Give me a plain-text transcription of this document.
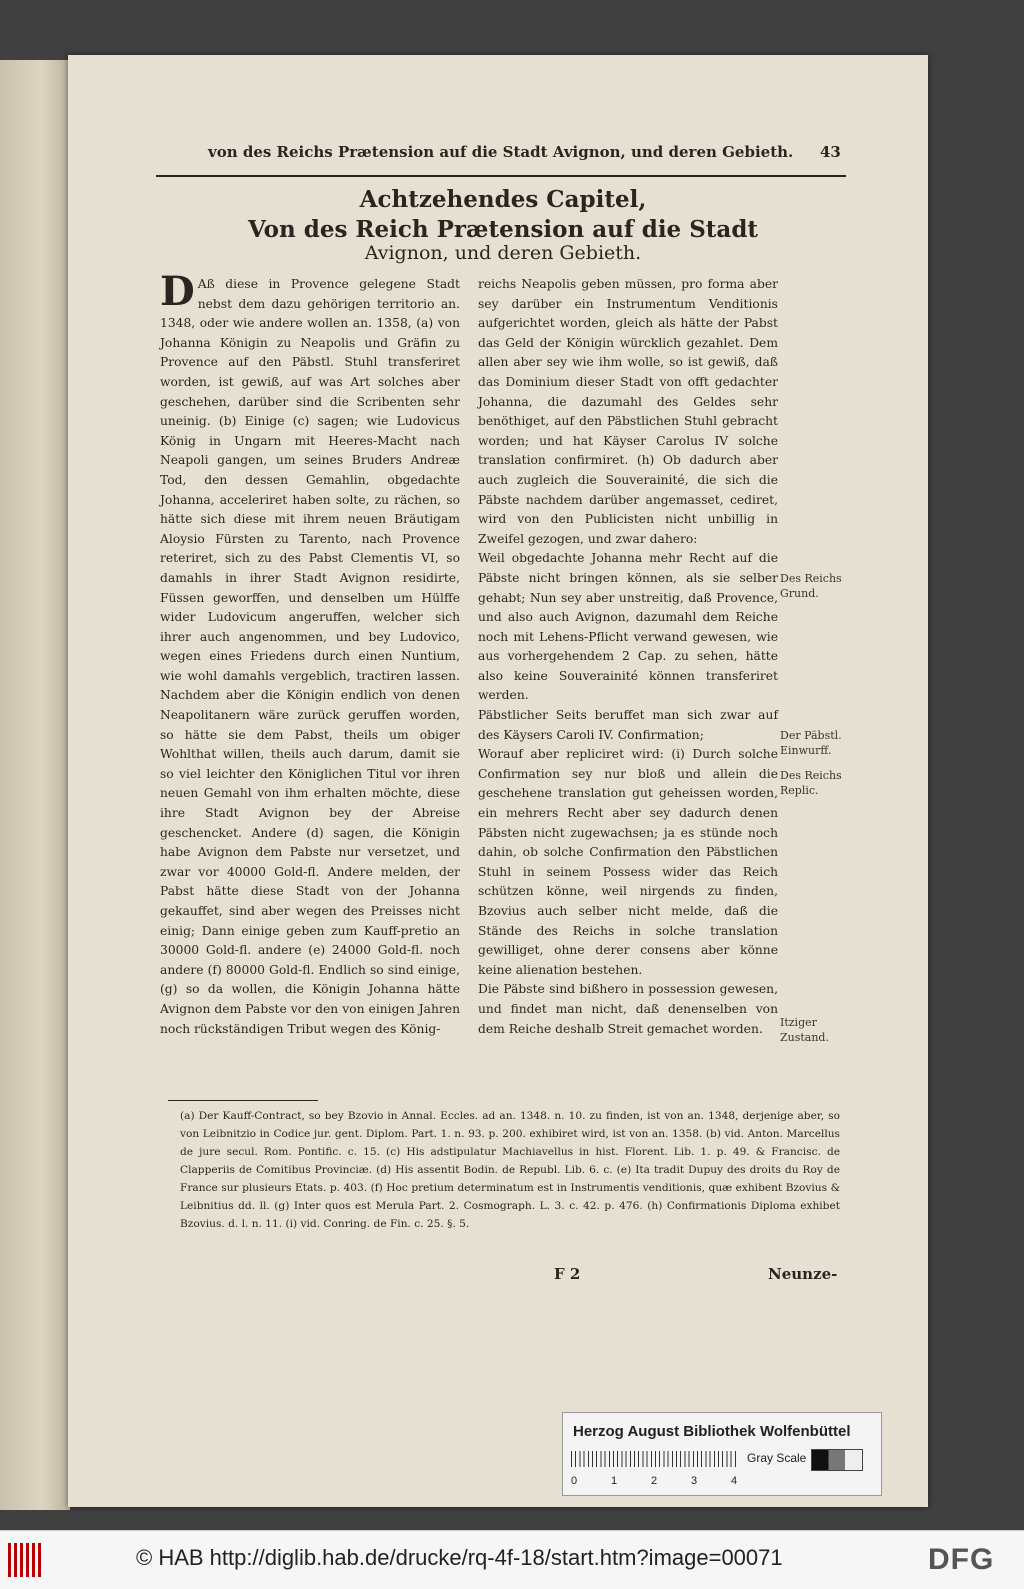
von des Reichs Prætension auf die Stadt Avignon, und deren Gebieth.	43
Achtzehendes Capitel,
Von des Reich Prætension auf die Stadt
Avignon, und deren Gebieth.

DAß diese in Provence gelegene Stadt nebst dem dazu gehörigen territorio an. 1348, oder wie andere wollen an. 1358, (a) von Johanna Königin zu Neapolis und Gräfin zu Provence auf den Päbstl. Stuhl transferiret worden, ist gewiß, auf was Art solches aber geschehen, darüber sind die Scribenten sehr uneinig. (b) Einige (c) sagen; wie Ludovicus König in Ungarn mit Heeres-Macht nach Neapoli gangen, um seines Bruders Andreæ Tod, den dessen Gemahlin, obgedachte Johanna, acceleriret haben solte, zu rächen, so hätte sich diese mit ihrem neuen Bräutigam Aloysio Fürsten zu Tarento, nach Provence reteriret, sich zu des Pabst Clementis VI, so damahls in ihrer Stadt Avignon residirte, Füssen geworffen, und denselben um Hülffe wider Ludovicum angeruffen, welcher sich ihrer auch angenommen, und bey Ludovico, wegen eines Friedens durch einen Nuntium, wie wohl damahls vergeblich, tractiren lassen. Nachdem aber die Königin endlich von denen Neapolitanern wäre zurück geruffen worden, so hätte sie dem Pabst, theils um obiger Wohlthat willen, theils auch darum, damit sie so viel leichter den Königlichen Titul vor ihren neuen Gemahl von ihm erhalten möchte, diese ihre Stadt Avignon bey der Abreise geschencket. Andere (d) sagen, die Königin habe Avignon dem Pabste nur versetzet, und zwar vor 40000 Gold-fl. Andere melden, der Pabst hätte diese Stadt von der Johanna gekauffet, sind aber wegen des Preisses nicht einig; Dann einige geben zum Kauff-pretio an 30000 Gold-fl. andere (e) 24000 Gold-fl. noch andere (f) 80000 Gold-fl. Endlich so sind einige, (g) so da wollen, die Königin Johanna hätte Avignon dem Pabste vor den von einigen Jahren noch rückständigen Tribut wegen des König-

reichs Neapolis geben müssen, pro forma aber sey darüber ein Instrumentum Venditionis aufgerichtet worden, gleich als hätte der Pabst das Geld der Königin würcklich gezahlet. Dem allen aber sey wie ihm wolle, so ist gewiß, daß das Dominium dieser Stadt von offt gedachter Johanna, die dazumahl des Geldes sehr benöthiget, auf den Päbstlichen Stuhl gebracht worden; und hat Käyser Carolus IV solche translation confirmiret. (h) Ob dadurch aber auch zugleich die Souverainité, die sich die Päbste nachdem darüber angemasset, cediret, wird von den Publicisten nicht unbillig in Zweifel gezogen, und zwar dahero:

Weil obgedachte Johanna mehr Recht auf die Päbste nicht bringen können, als sie selber gehabt; Nun sey aber unstreitig, daß Provence, und also auch Avignon, dazumahl dem Reiche noch mit Lehens-Pflicht verwand gewesen, wie aus vorhergehendem 2 Cap. zu sehen, hätte also keine Souverainité können transferiret werden.

Päbstlicher Seits beruffet man sich zwar auf des Käysers Caroli IV. Confirmation;

Worauf aber repliciret wird: (i) Durch solche Confirmation sey nur bloß und allein die geschehene translation gut geheissen worden, ein mehrers Recht aber sey dadurch denen Päbsten nicht zugewachsen; ja es stünde noch dahin, ob solche Confirmation den Päbstlichen Stuhl in seinem Possess wider das Reich schützen könne, weil nirgends zu finden, Bzovius auch selber nicht melde, daß die Stände des Reichs in solche translation gewilliget, ohne derer consens aber könne keine alienation bestehen.

Die Päbste sind bißhero in possession gewesen, und findet man nicht, daß denenselben von dem Reiche deshalb Streit gemachet worden.

Des Reichs Grund.
Der Päbstl. Einwurff.
Des Reichs Replic.
Itziger Zustand.
(a) Der Kauff-Contract, so bey Bzovio in Annal. Eccles. ad an. 1348. n. 10. zu finden, ist von an. 1348, derjenige aber, so von Leibnitzio in Codice jur. gent. Diplom. Part. 1. n. 93. p. 200. exhibiret wird, ist von an. 1358. (b) vid. Anton. Marcellus de jure secul. Rom. Pontific. c. 15. (c) His adstipulatur Machiavellus in hist. Florent. Lib. 1. p. 49. & Francisc. de Clapperiis de Comitibus Provinciæ. (d) His assentit Bodin. de Republ. Lib. 6. c. (e) Ita tradit Dupuy des droits du Roy de France sur plusieurs Etats. p. 403. (f) Hoc pretium determinatum est in Instrumentis venditionis, quæ exhibent Bzovius & Leibnitius dd. ll. (g) Inter quos est Merula Part. 2. Cosmograph. L. 3. c. 42. p. 476. (h) Confirmationis Diploma exhibet Bzovius. d. l. n. 11. (i) vid. Conring. de Fin. c. 25. §. 5.
F 2	Neunze-
Herzog August Bibliothek Wolfenbüttel
0	1	2	3	4
Gray Scale
© HAB http://diglib.hab.de/drucke/rq-4f-18/start.htm?image=00071	DFG
